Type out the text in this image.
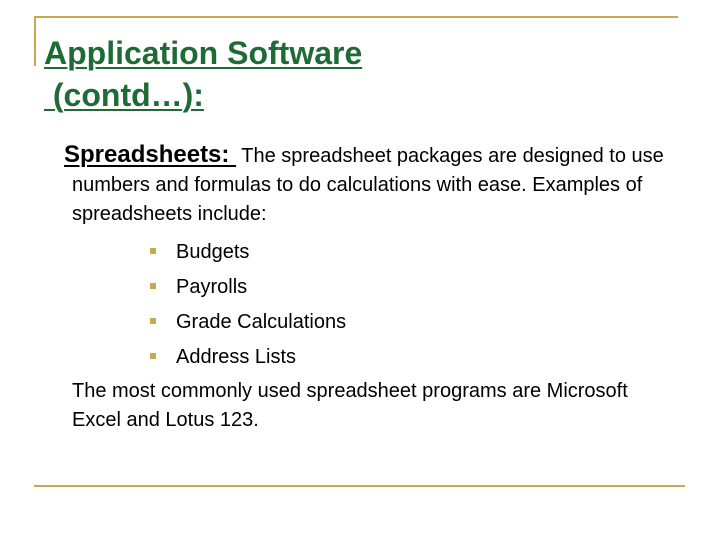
Application Software
(contd…):

Spreadsheets:  The spreadsheet packages are designed to use numbers and formulas to do calculations with ease. Examples of spreadsheets include:

Budgets
Payrolls
Grade Calculations
Address Lists

The most commonly used spreadsheet programs are Microsoft Excel and Lotus 123.
